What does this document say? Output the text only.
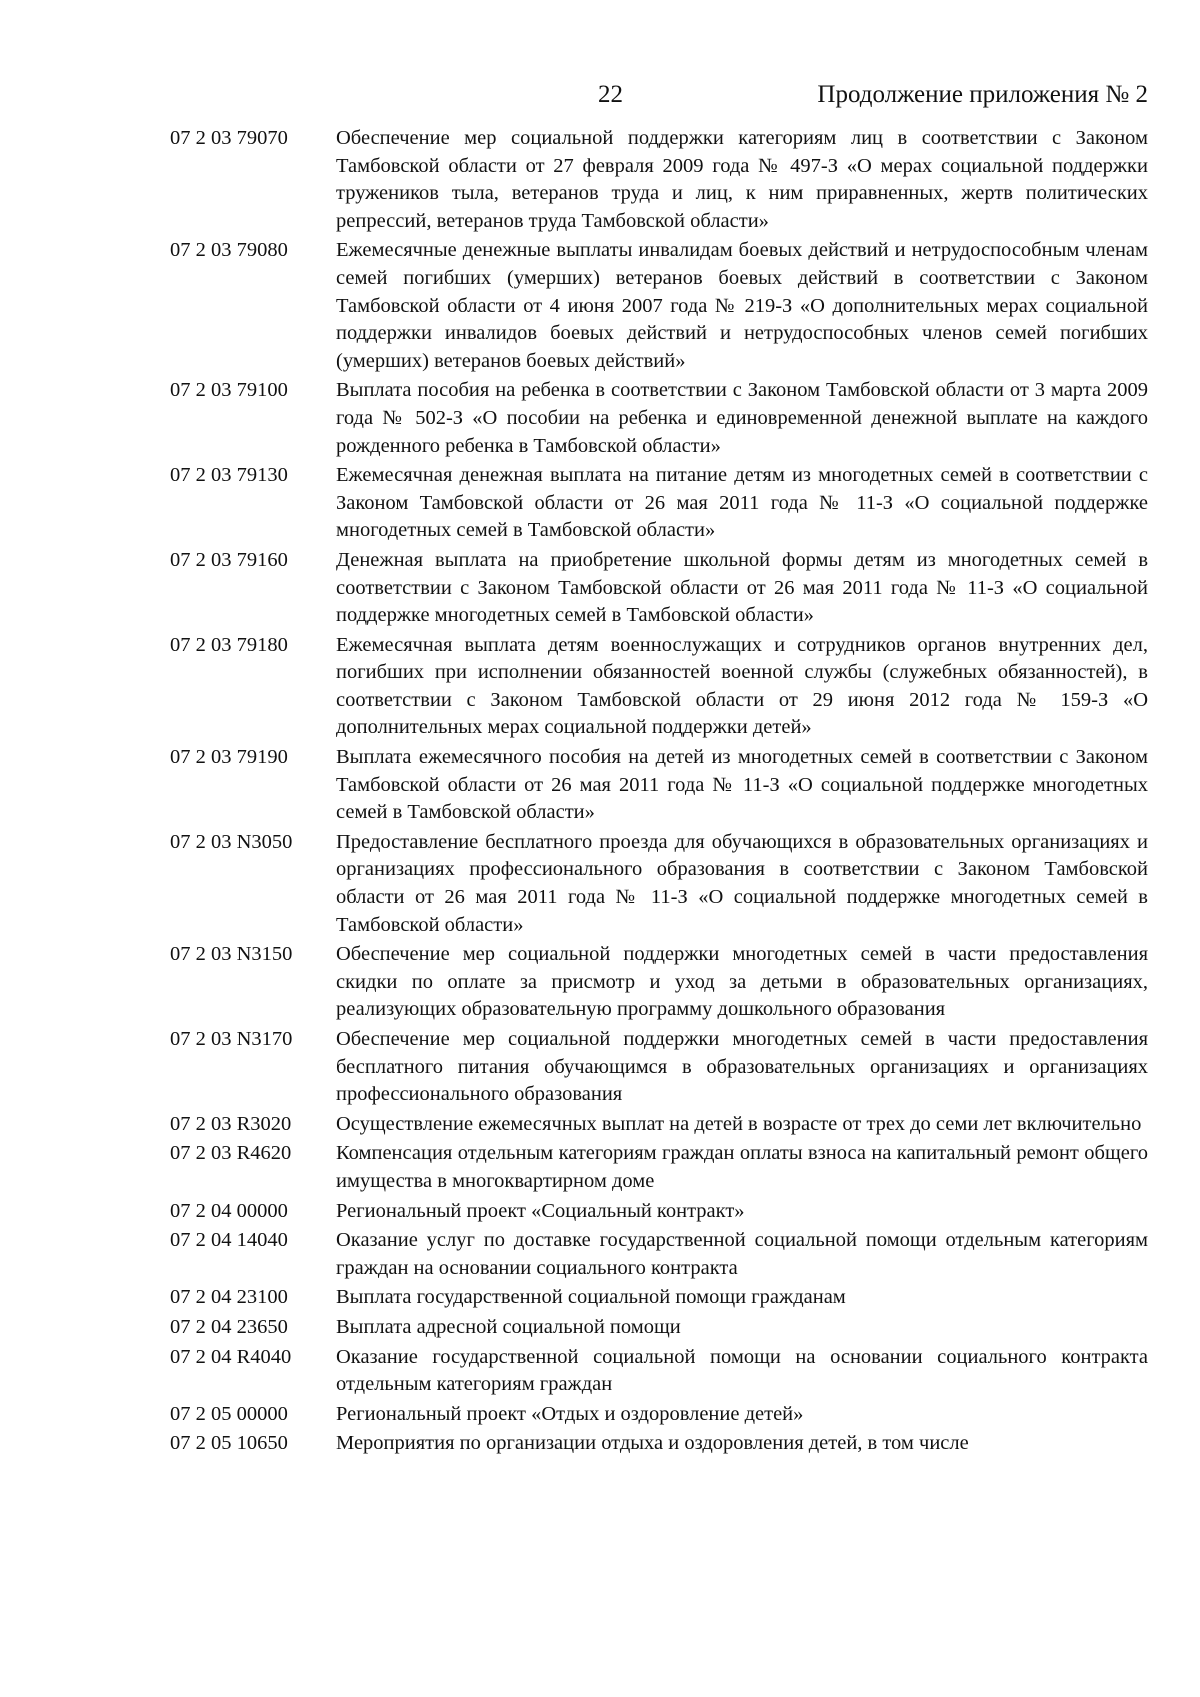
22	Продолжение приложения № 2
07 2 03 79070	Обеспечение мер социальной поддержки категориям лиц в соответствии с Законом Тамбовской области от 27 февраля 2009 года № 497-З «О мерах социальной поддержки тружеников тыла, ветеранов труда и лиц, к ним приравненных, жертв политических репрессий, ветеранов труда Тамбовской области»
07 2 03 79080	Ежемесячные денежные выплаты инвалидам боевых действий и нетрудоспособным членам семей погибших (умерших) ветеранов боевых действий в соответствии с Законом Тамбовской области от 4 июня 2007 года № 219-З «О дополнительных мерах социальной поддержки инвалидов боевых действий и нетрудоспособных членов семей погибших (умерших) ветеранов боевых действий»
07 2 03 79100	Выплата пособия на ребенка в соответствии с Законом Тамбовской области от 3 марта 2009 года № 502-З «О пособии на ребенка и единовременной денежной выплате на каждого рожденного ребенка в Тамбовской области»
07 2 03 79130	Ежемесячная денежная выплата на питание детям из многодетных семей в соответствии с Законом Тамбовской области от 26 мая 2011 года № 11-З «О социальной поддержке многодетных семей в Тамбовской области»
07 2 03 79160	Денежная выплата на приобретение школьной формы детям из многодетных семей в соответствии с Законом Тамбовской области от 26 мая 2011 года № 11-З «О социальной поддержке многодетных семей в Тамбовской области»
07 2 03 79180	Ежемесячная выплата детям военнослужащих и сотрудников органов внутренних дел, погибших при исполнении обязанностей военной службы (служебных обязанностей), в соответствии с Законом Тамбовской области от 29 июня 2012 года № 159-З «О дополнительных мерах социальной поддержки детей»
07 2 03 79190	Выплата ежемесячного пособия на детей из многодетных семей в соответствии с Законом Тамбовской области от 26 мая 2011 года № 11-З «О социальной поддержке многодетных семей в Тамбовской области»
07 2 03 N3050	Предоставление бесплатного проезда для обучающихся в образовательных организациях и организациях профессионального образования в соответствии с Законом Тамбовской области от 26 мая 2011 года № 11-З «О социальной поддержке многодетных семей в Тамбовской области»
07 2 03 N3150	Обеспечение мер социальной поддержки многодетных семей в части предоставления скидки по оплате за присмотр и уход за детьми в образовательных организациях, реализующих образовательную программу дошкольного образования
07 2 03 N3170	Обеспечение мер социальной поддержки многодетных семей в части предоставления бесплатного питания обучающимся в образовательных организациях и организациях профессионального образования
07 2 03 R3020	Осуществление ежемесячных выплат на детей в возрасте от трех до семи лет включительно
07 2 03 R4620	Компенсация отдельным категориям граждан оплаты взноса на капитальный ремонт общего имущества в многоквартирном доме
07 2 04 00000	Региональный проект «Социальный контракт»
07 2 04 14040	Оказание услуг по доставке государственной социальной помощи отдельным категориям граждан на основании социального контракта
07 2 04 23100	Выплата государственной социальной помощи гражданам
07 2 04 23650	Выплата адресной социальной помощи
07 2 04 R4040	Оказание государственной социальной помощи на основании социального контракта отдельным категориям граждан
07 2 05 00000	Региональный проект «Отдых и оздоровление детей»
07 2 05 10650	Мероприятия по организации отдыха и оздоровления детей, в том числе
